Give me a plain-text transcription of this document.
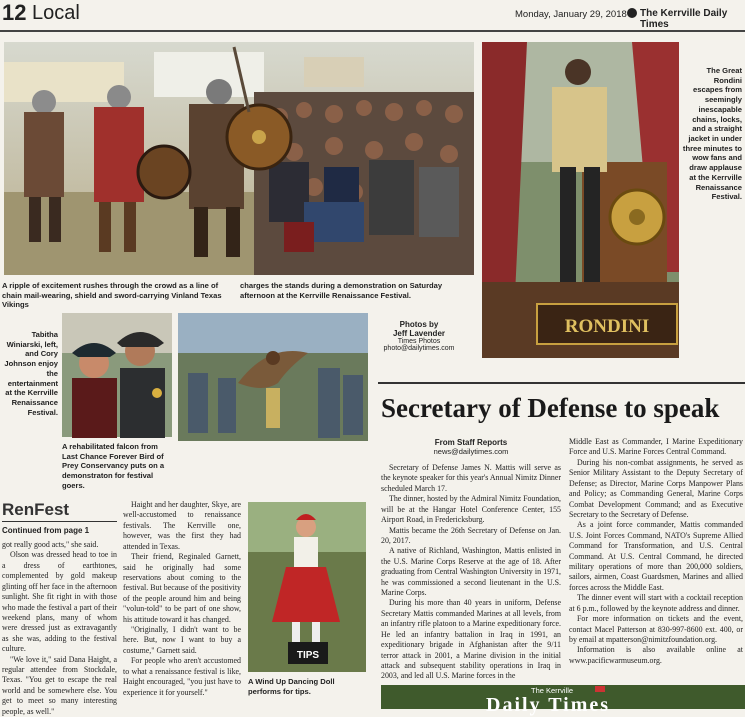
12 Local	Monday, January 29, 2018 The Kerrville Daily Times
A ripple of excitement rushes through the crowd as a line of chain mail-wearing, shield and sword-carrying Vinland Texas Vikings
charges the stands during a demonstration on Saturday afternoon at the Kerrville Renaissance Festival.
RONDINI
The Great Rondini escapes from seemingly inescapable chains, locks, and a straight jacket in under three minutes to wow fans and draw applause at the Kerrville Renaissance Festival.
Tabitha Winiarski, left, and Cory Johnson enjoy the entertainment at the Kerrville Renaissance Festival.
A rehabilitated falcon from Last Chance Forever Bird of Prey Conservancy puts on a demonstraton for festival goers.
Photos by
Jeff Lavender
Times Photos
photo@dailytimes.com
RenFest
Continued from page 1

got really good acts," she said.

Olson was dressed head to toe in a dress of earthtones, complemented by gold makeup glinting off her face in the afternoon sunlight. She fit right in with those who made the festival a part of their weekend plans, many of whom were dressed just as extravagantly as she was, adding to the festival culture.

"We love it," said Dana Haight, a regular attendee from Stockdale, Texas. "You get to escape the real world and be somewhere else. You get to meet so many interesting people, as well."

Haight and her daughter, Skye, are well-accustomed to renaissance festivals. The Kerrville one, however, was the first they had attended in Texas.

Their friend, Reginaled Garnett, said he originally had some reservations about coming to the festival. But because of the positivity of the people around him and being "volun-told" to be part of one show, his attitude toward it has changed.

"Originally, I didn't want to be here. But, now I want to buy a costume," Garnett said.

For people who aren't accustomed to what a renaissance festival is like, Haight encouraged, "you just have to experience it for yourself."

TIPS
A Wind Up Dancing Doll performs for tips.
Secretary of Defense to speak
From Staff Reports
news@dailytimes.com

Secretary of Defense James N. Mattis will serve as the keynote speaker for this year's Annual Nimitz Dinner scheduled March 17.

The dinner, hosted by the Admiral Nimitz Foundation, will be at the Hangar Hotel Conference Center, 155 Airport Road, in Fredericksburg.

Mattis became the 26th Secretary of Defense on Jan. 20, 2017.

A native of Richland, Washington, Mattis enlisted in the U.S. Marine Corps Reserve at the age of 18. After graduating from Central Washington University in 1971, he was commissioned a second lieutenant in the U.S. Marine Corps.

During his more than 40 years in uniform, Defense Secretary Mattis commanded Marines at all levels, from an infantry rifle platoon to a Marine expeditionary force. He led an infantry battalion in Iraq in 1991, an expeditionary brigade in Afghanistan after the 9/11 terror attack in 2001, a Marine division in the initial attack and subsequent stability operations in Iraq in 2003, and led all U.S. Marine forces in the

Middle East as Commander, I Marine Expeditionary Force and U.S. Marine Forces Central Command.

During his non-combat assignments, he served as Senior Military Assistant to the Deputy Secretary of Defense; as Director, Marine Corps Manpower Plans and Policy; as Commanding General, Marine Corps Combat Development Command; and as Executive Secretary to the Secretary of Defense.

As a joint force commander, Mattis commanded U.S. Joint Forces Command, NATO's Supreme Allied Command for Transformation, and U.S. Central Command. At U.S. Central Command, he directed military operations of more than 200,000 soldiers, sailors, airmen, Coast Guardsmen, Marines and allied forces across the Middle East.

The dinner event will start with a cocktail reception at 6 p.m., followed by the keynote address and dinner.

For more information on tickets and the event, contact Macel Patterson at 830-997-8600 ext. 400, or by email at mpatterson@nimitzfoundation.org.

Information is also available online at www.pacificwarmuseum.org.

The Kerrville
Daily Times
